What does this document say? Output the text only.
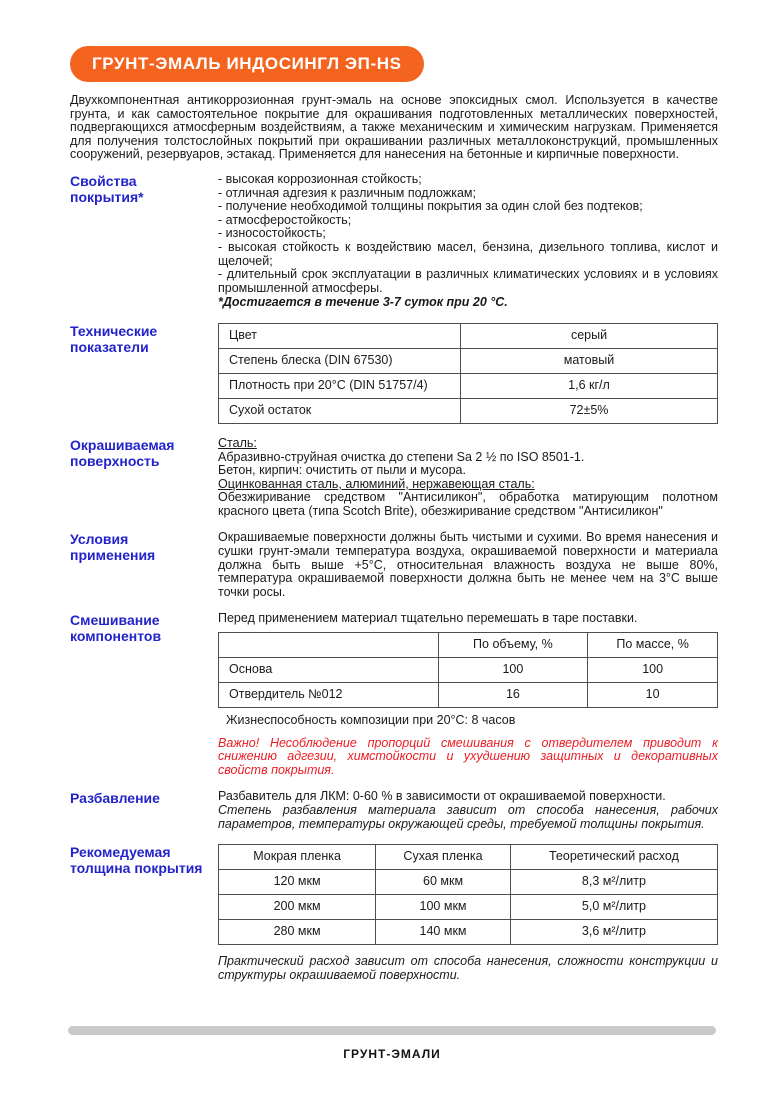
ГРУНТ-ЭМАЛЬ ИНДОСИНГЛ ЭП-HS

Двухкомпонентная антикоррозионная грунт-эмаль на основе эпоксидных смол. Используется в качестве грунта, и как самостоятельное покрытие для окрашивания подготовленных металлических поверхностей, подвергающихся атмосферным воздействиям, а также механическим и химическим нагрузкам. Применяется для получения толстослойных покрытий при окрашивании различных металлоконструкций, промышленных сооружений, резервуаров, эстакад. Применяется для нанесения на бетонные и кирпичные поверхности.

Свойства покрытия*
- высокая коррозионная стойкость;
- отличная адгезия к различным подложкам;
- получение необходимой толщины покрытия за один слой без подтеков;
- атмосферостойкость;
- износостойкость;
- высокая стойкость к воздействию масел, бензина, дизельного топлива, кислот и щелочей;
- длительный срок эксплуатации в различных климатических условиях и в условиях промышленной атмосферы.
*Достигается в течение 3-7 суток при 20 °С.
Технические показатели
Цвет	серый
Степень блеска (DIN 67530)	матовый
Плотность при 20°C (DIN 51757/4)	1,6 кг/л
Сухой остаток	72±5%
Окрашиваемая поверхность
Сталь:
Абразивно-струйная очистка до степени Sa 2 ½ по ISO 8501-1.
Бетон, кирпич: очистить от пыли и мусора.
Оцинкованная сталь, алюминий, нержавеющая сталь:
Обезжиривание средством "Антисиликон", обработка матирующим полотном красного цвета (типа Scotch Brite), обезжиривание средством "Антисиликон"
Условия применения
Окрашиваемые поверхности должны быть чистыми и сухими. Во время нанесения и сушки грунт-эмали температура воздуха, окрашиваемой поверхности и материала должна быть выше +5°С, относительная влажность воздуха не выше 80%, температура окрашиваемой поверхности должна быть не менее чем на 3°С выше точки росы.
Смешивание компонентов
Перед применением материал тщательно перемешать в таре поставки.
	По объему, %	По массе, %
Основа	100	100
Отвердитель №012	16	10
Жизнеспособность композиции при 20°C: 8 часов
Важно! Несоблюдение пропорций смешивания с отвердителем приводит к снижению адгезии, химстойкости и ухудшению защитных и декоративных свойств покрытия.
Разбавление	Разбавитель для ЛКМ: 0-60 % в зависимости от окрашиваемой поверхности.
Степень разбавления материала зависит от способа нанесения, рабочих параметров, температуры окружающей среды, требуемой толщины покрытия.
Рекомедуемая толщина покрытия
Мокрая пленка	Сухая пленка	Теоретический расход
120 мкм	60 мкм	8,3 м²/литр
200 мкм	100 мкм	5,0 м²/литр
280 мкм	140 мкм	3,6 м²/литр
Практический расход зависит от способа нанесения, сложности конструкции и структуры окрашиваемой поверхности.
ГРУНТ-ЭМАЛИ
